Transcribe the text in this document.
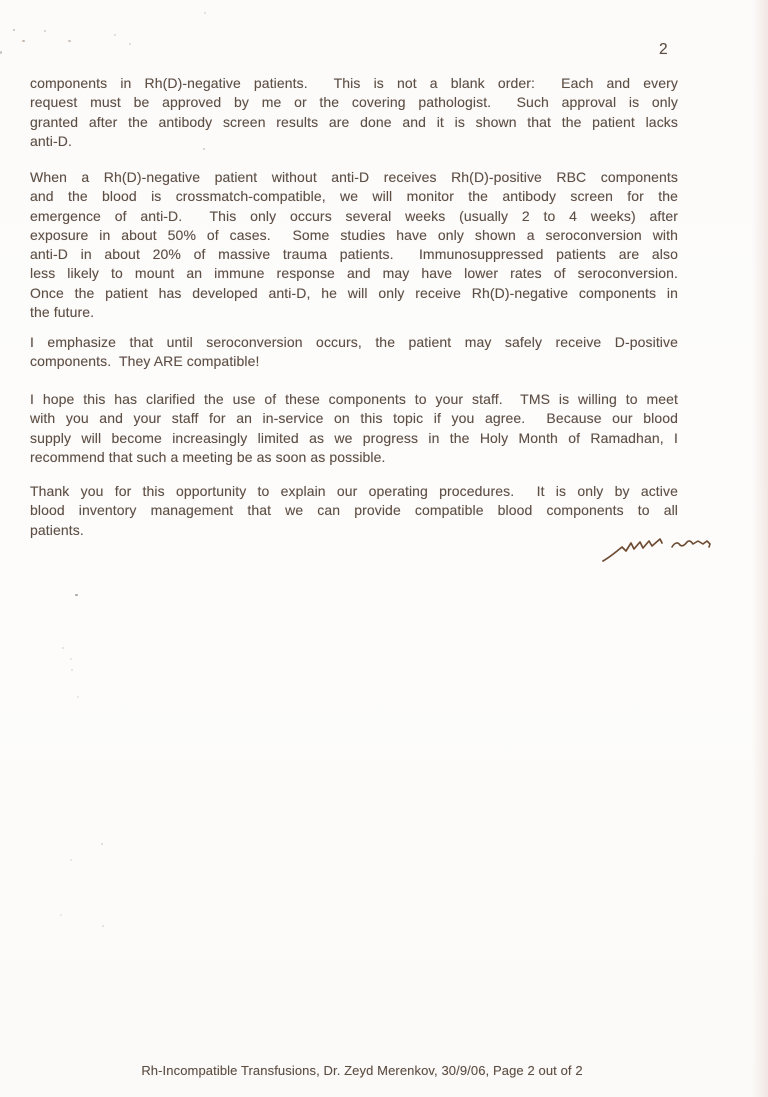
2
components in Rh(D)-negative patients.  This is not a blank order:  Each and every
request must be approved by me or the covering pathologist.  Such approval is only
granted after the antibody screen results are done and it is shown that the patient lacks
anti-D.
When a Rh(D)-negative patient without anti-D receives Rh(D)-positive RBC components
and the blood is crossmatch-compatible, we will monitor the antibody screen for the
emergence of anti-D.  This only occurs several weeks (usually 2 to 4 weeks) after
exposure in about 50% of cases.  Some studies have only shown a seroconversion with
anti-D in about 20% of massive trauma patients.  Immunosuppressed patients are also
less likely to mount an immune response and may have lower rates of seroconversion.
Once the patient has developed anti-D, he will only receive Rh(D)-negative components in
the future.
I emphasize that until seroconversion occurs, the patient may safely receive D-positive
components.  They ARE compatible!
I hope this has clarified the use of these components to your staff.  TMS is willing to meet
with you and your staff for an in-service on this topic if you agree.  Because our blood
supply will become increasingly limited as we progress in the Holy Month of Ramadhan, I
recommend that such a meeting be as soon as possible.
Thank you for this opportunity to explain our operating procedures.  It is only by active
blood inventory management that we can provide compatible blood components to all
patients.
Rh-Incompatible Transfusions, Dr. Zeyd Merenkov, 30/9/06, Page 2 out of 2
